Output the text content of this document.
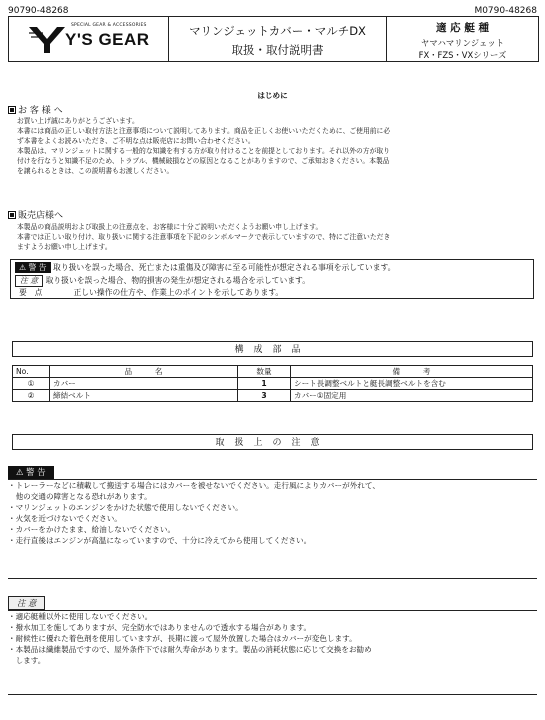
90790-48268	M0790-48268
SPECIAL GEAR & ACCESSORIES
Y'S GEAR	マリンジェットカバー・マルチDX
取扱・取付説明書
適 応 艇 種
ヤマハマリンジェット
FX・FZS・VXシリーズ
はじめに
お 客 様 へ
お買い上げ誠にありがとうございます。
本書には商品の正しい取付方法と注意事項について説明してあります。商品を正しくお使いいただくために、ご使用前に必
ず本書をよくお読みいただき、ご不明な点は販売店にお問い合わせください。
本製品は、マリンジェットに関する一般的な知識を有する方が取り付けることを前提としております。それ以外の方が取り
付けを行なうと知識不足のため、トラブル、機械破損などの原因となることがありますので、ご承知おきください。本製品
を譲られるときは、この説明書もお渡しください。
販売店様へ
本製品の商品説明および取扱上の注意点を、お客様に十分ご説明いただくようお願い申し上げます。
本書では正しい取り付け、取り扱いに関する注意事項を下記のシンボルマークで表示していますので、特にご注意いただき
ますようお願い申し上げます。
⚠ 警 告 取り扱いを誤った場合、死亡または重傷及び障害に至る可能性が想定される事項を示しています。
注 意 取り扱いを誤った場合、物的損害の発生が想定される場合を示しています。
要　点	正しい操作の仕方や、作業上のポイントを示してあります。
構成部品
No.	品　　　名	数量	備　　　考
①	カバー	1	シート長調整ベルトと艇長調整ベルトを含む
②	締結ベルト	3	カバー①固定用
取扱上の注意
⚠ 警 告
・トレーラーなどに積載して搬送する場合にはカバーを被せないでください。走行風によりカバーが外れて、
　他の交通の障害となる恐れがあります。
・マリンジェットのエンジンをかけた状態で使用しないでください。
・火気を近づけないでください。
・カバーをかけたまま、給油しないでください。
・走行直後はエンジンが高温になっていますので、十分に冷えてから使用してください。
注 意
・適応艇種以外に使用しないでください。
・撥水加工を施してありますが、完全防水ではありませんので透水する場合があります。
・耐候性に優れた着色剤を使用していますが、長期に渡って屋外放置した場合はカバーが変色します。
・本製品は繊維製品ですので、屋外条件下では耐久寿命があります。製品の消耗状態に応じて交換をお勧め
　します。
